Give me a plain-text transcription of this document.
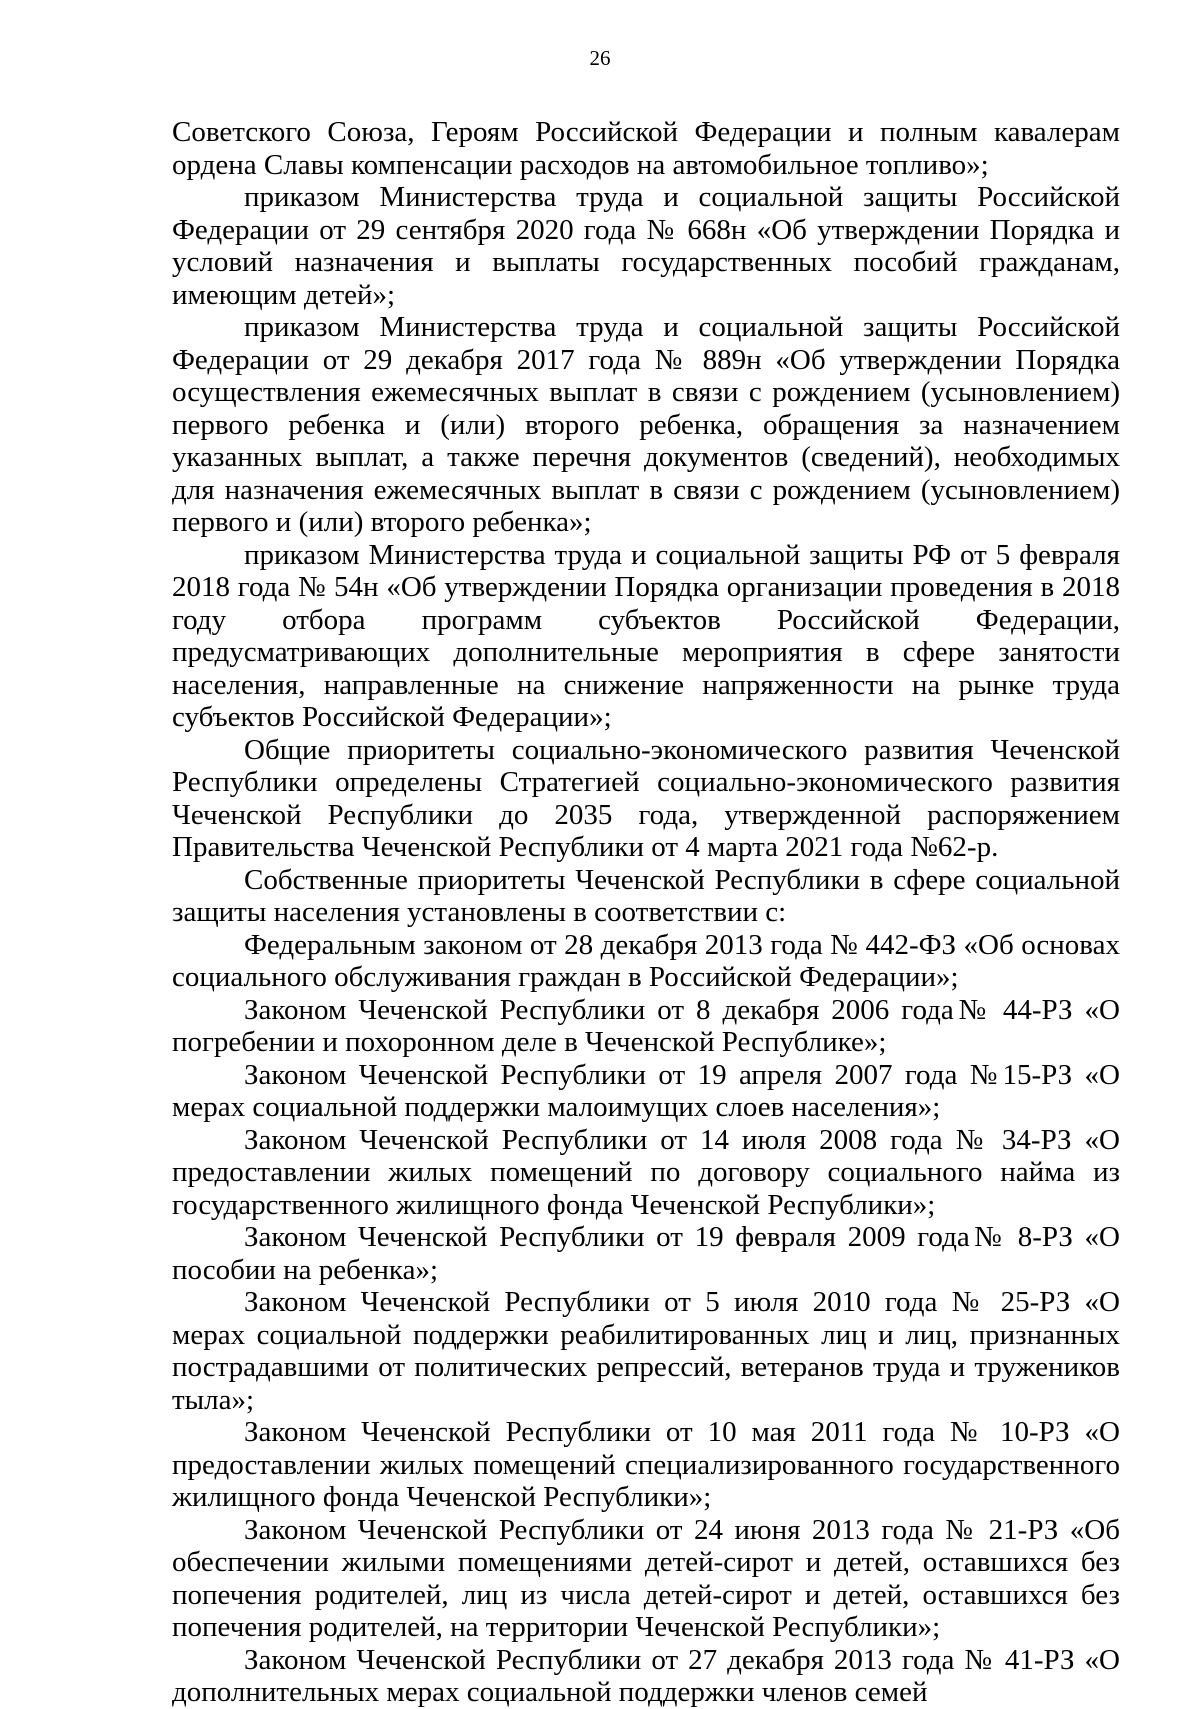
26

Советского Союза, Героям Российской Федерации и полным кавалерам ордена Славы компенсации расходов на автомобильное топливо»;

приказом Министерства труда и социальной защиты Российской Федерации от 29 сентября 2020 года № 668н «Об утверждении Порядка и условий назначения и выплаты государственных пособий гражданам, имеющим детей»;

приказом Министерства труда и социальной защиты Российской Федерации от 29 декабря 2017 года № 889н «Об утверждении Порядка осуществления ежемесячных выплат в связи с рождением (усыновлением) первого ребенка и (или) второго ребенка, обращения за назначением указанных выплат, а также перечня документов (сведений), необходимых для назначения ежемесячных выплат в связи с рождением (усыновлением) первого и (или) второго ребенка»;

приказом Министерства труда и социальной защиты РФ от 5 февраля 2018 года № 54н «Об утверждении Порядка организации проведения в 2018 году отбора программ субъектов Российской Федерации, предусматривающих дополнительные мероприятия в сфере занятости населения, направленные на снижение напряженности на рынке труда субъектов Российской Федерации»;

Общие приоритеты социально-экономического развития Чеченской Республики определены Стратегией социально-экономического развития Чеченской Республики до 2035 года, утвержденной распоряжением Правительства Чеченской Республики от 4 марта 2021 года №62-р.

Собственные приоритеты Чеченской Республики в сфере социальной защиты населения установлены в соответствии с:

Федеральным законом от 28 декабря 2013 года № 442-ФЗ «Об основах социального обслуживания граждан в Российской Федерации»;

Законом Чеченской Республики от 8 декабря 2006 года№ 44-РЗ «О погребении и похоронном деле в Чеченской Республике»;

Законом Чеченской Республики от 19 апреля 2007 года №15-РЗ «О мерах социальной поддержки малоимущих слоев населения»;

Законом Чеченской Республики от 14 июля 2008 года № 34-РЗ «О предоставлении жилых помещений по договору социального найма из государственного жилищного фонда Чеченской Республики»;

Законом Чеченской Республики от 19 февраля 2009 года№ 8-РЗ «О пособии на ребенка»;

Законом Чеченской Республики от 5 июля 2010 года № 25-РЗ «О мерах социальной поддержки реабилитированных лиц и лиц, признанных пострадавшими от политических репрессий, ветеранов труда и тружеников тыла»;

Законом Чеченской Республики от 10 мая 2011 года № 10-РЗ «О предоставлении жилых помещений специализированного государственного жилищного фонда Чеченской Республики»;

Законом Чеченской Республики от 24 июня 2013 года № 21-РЗ «Об обеспечении жилыми помещениями детей-сирот и детей, оставшихся без попечения родителей, лиц из числа детей-сирот и детей, оставшихся без попечения родителей, на территории Чеченской Республики»;

Законом Чеченской Республики от 27 декабря 2013 года № 41-РЗ «О дополнительных мерах социальной поддержки членов семей
